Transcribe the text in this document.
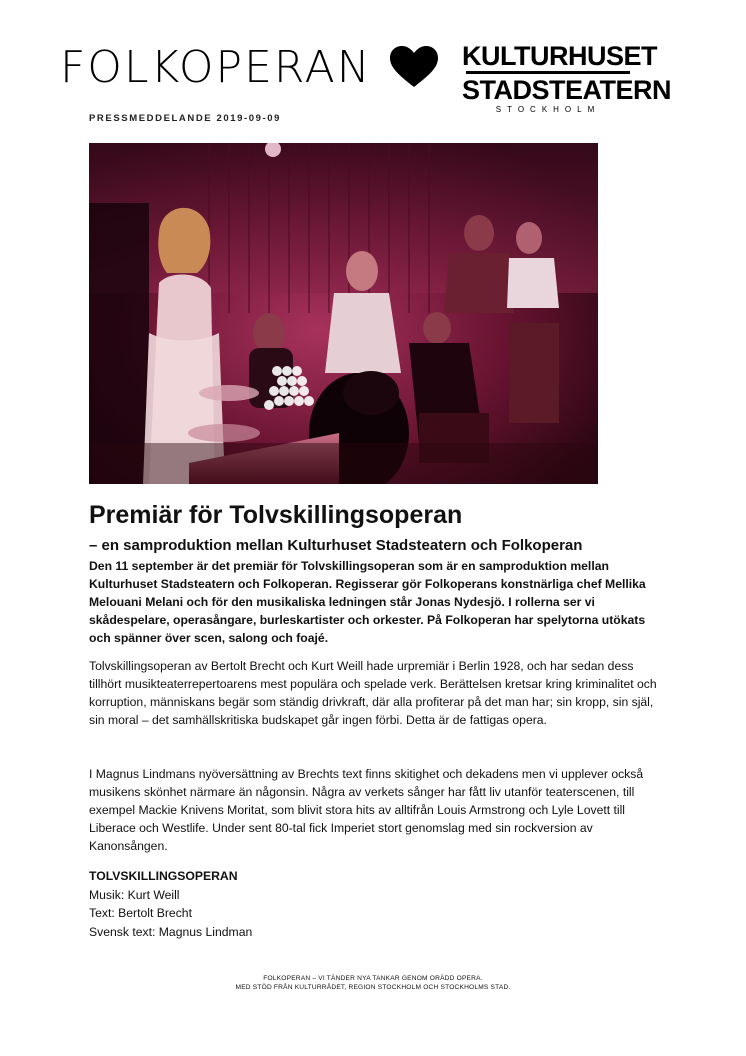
FOLKOPERAN	KULTURHUSET
STADSTEATERN
STOCKHOLM
PRESSMEDDELANDE 2019-09-09
Premiär för Tolvskillingsoperan
– en samproduktion mellan Kulturhuset Stadsteatern och Folkoperan

Den 11 september är det premiär för Tolvskillingsoperan som är en samproduktion mellan Kulturhuset Stadsteatern och Folkoperan. Regisserar gör Folkoperans konstnärliga chef Mellika Melouani Melani och för den musikaliska ledningen står Jonas Nydesjö. I rollerna ser vi skådespelare, operasångare, burleskartister och orkester. På Folkoperan har spelytorna utökats och spänner över scen, salong och foajé.

Tolvskillingsoperan av Bertolt Brecht och Kurt Weill hade urpremiär i Berlin 1928, och har sedan dess tillhört musikteaterrepertoarens mest populära och spelade verk. Berättelsen kretsar kring kriminalitet och korruption, människans begär som ständig drivkraft, där alla profiterar på det man har; sin kropp, sin själ, sin moral – det samhällskritiska budskapet går ingen förbi. Detta är de fattigas opera.

I Magnus Lindmans nyöversättning av Brechts text finns skitighet och dekadens men vi upplever också musikens skönhet närmare än någonsin. Några av verkets sånger har fått liv utanför teaterscenen, till exempel Mackie Knivens Moritat, som blivit stora hits av alltifrån Louis Armstrong och Lyle Lovett till Liberace och Westlife. Under sent 80-tal fick Imperiet stort genomslag med sin rockversion av Kanonsången.

TOLVSKILLINGSOPERAN
Musik: Kurt Weill
Text: Bertolt Brecht
Svensk text: Magnus Lindman
FOLKOPERAN – VI TÄNDER NYA TANKAR GENOM ORÄDD OPERA.
MED STÖD FRÅN KULTURRÅDET, REGION STOCKHOLM OCH STOCKHOLMS STAD.
